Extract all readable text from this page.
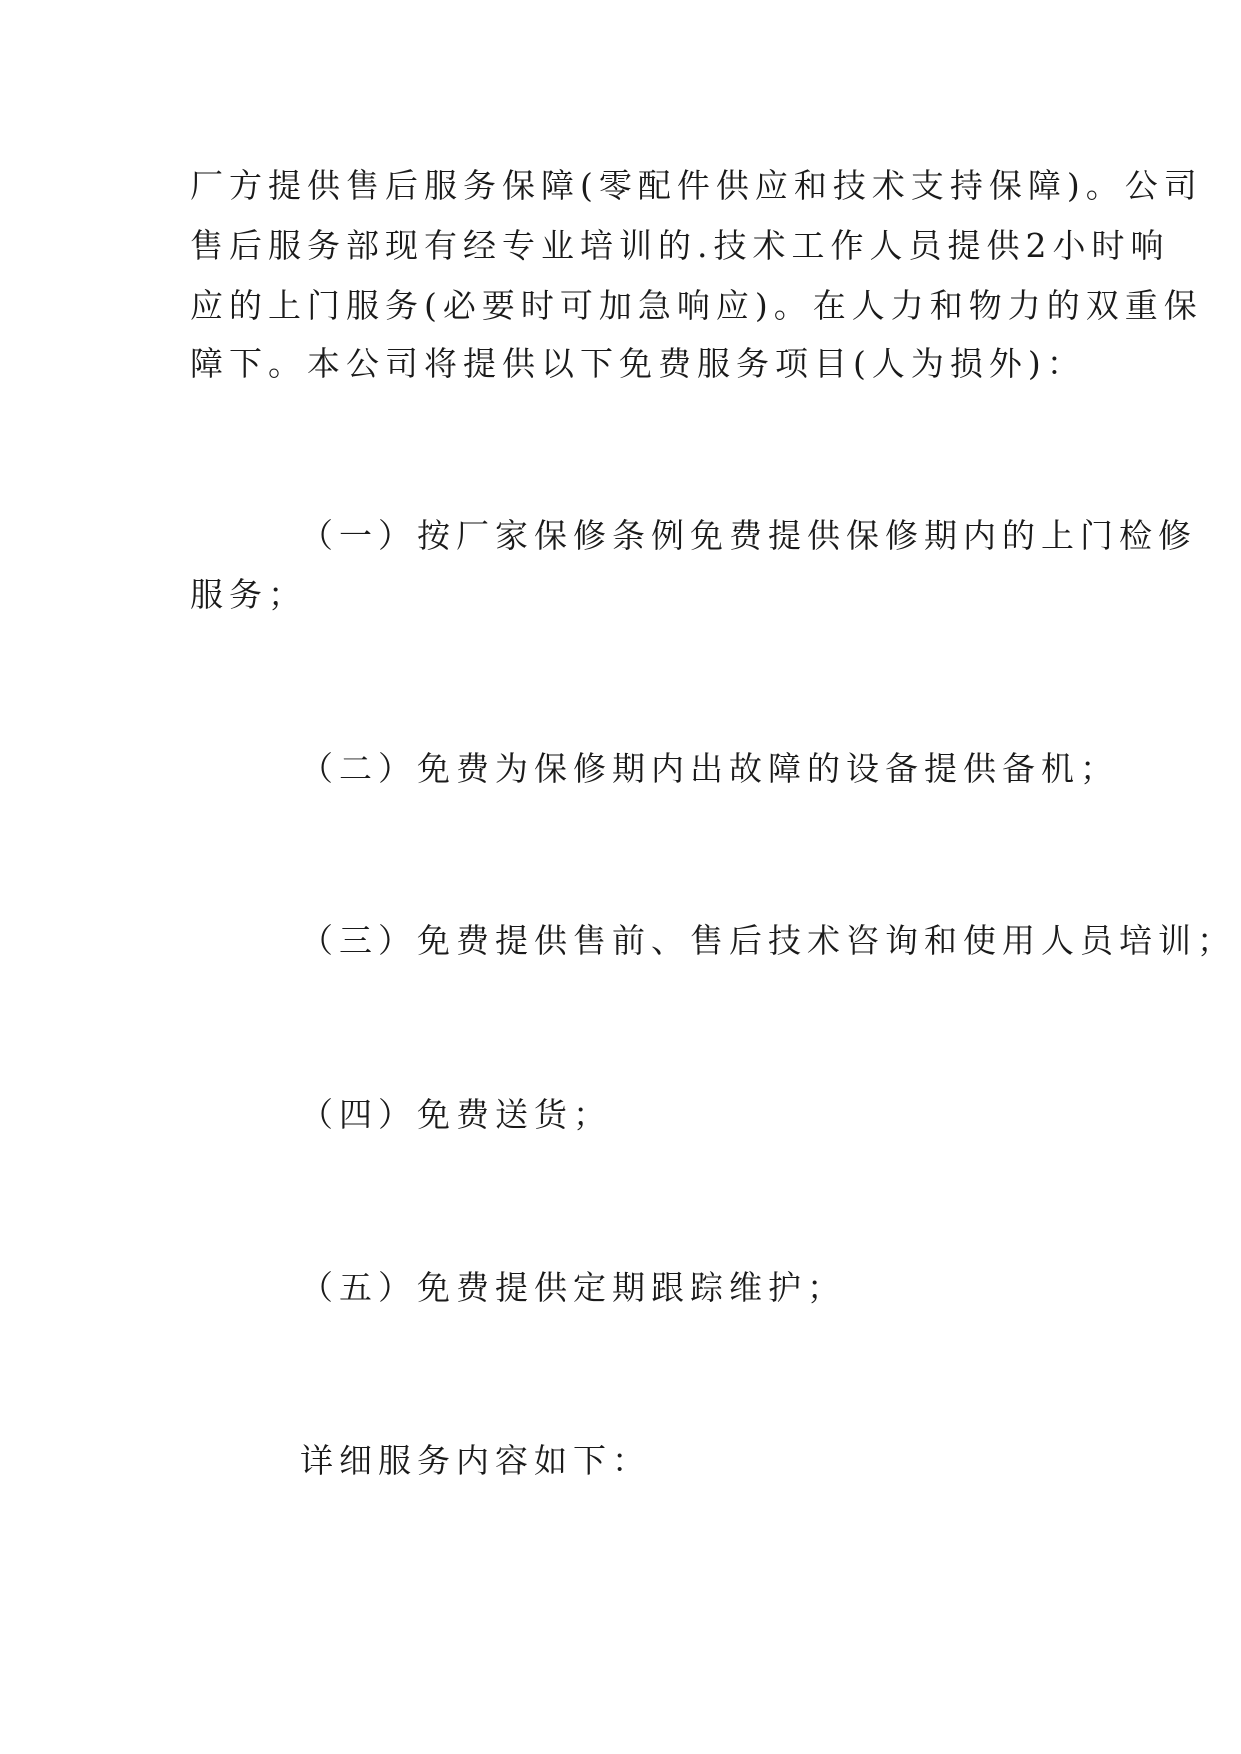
厂方提供售后服务保障(零配件供应和技术支持保障)。公司
售后服务部现有经专业培训的.技术工作人员提供2小时响
应的上门服务(必要时可加急响应)。在人力和物力的双重保
障下。本公司将提供以下免费服务项目(人为损外)：
（一）按厂家保修条例免费提供保修期内的上门检修
服务；
（二）免费为保修期内出故障的设备提供备机；
（三）免费提供售前、售后技术咨询和使用人员培训；
（四）免费送货；
（五）免费提供定期跟踪维护；
详细服务内容如下：
